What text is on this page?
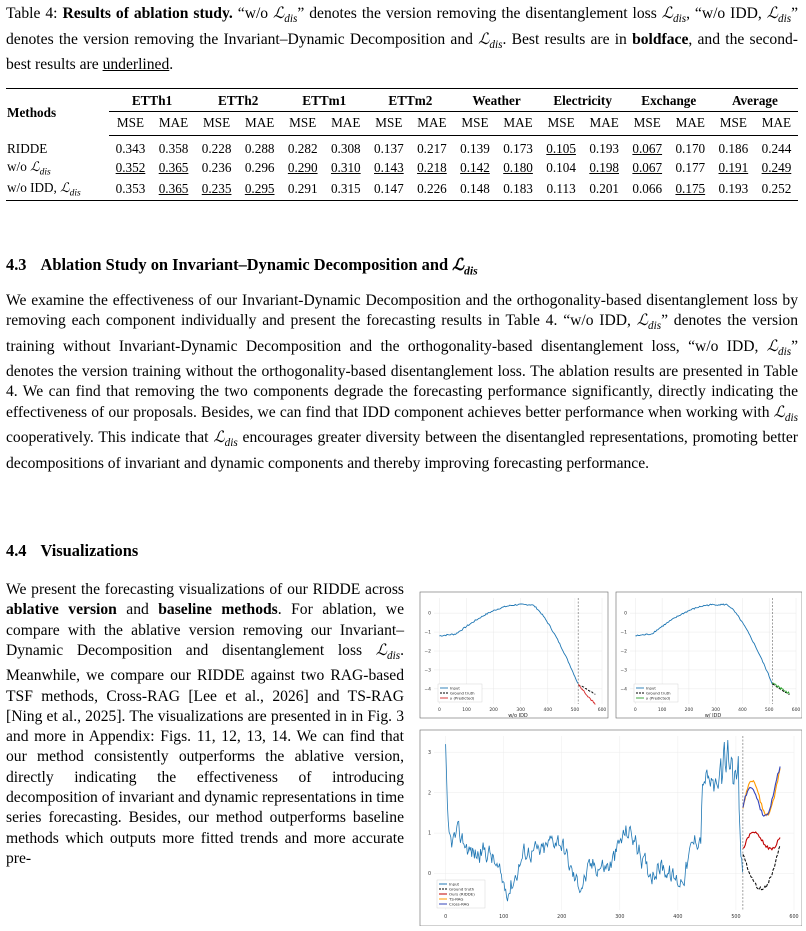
Table 4: Results of ablation study. “w/o ℒ$_{dis}$” denotes the version removing the disentanglement loss ℒ$_{dis}$, “w/o IDD, ℒ$_{dis}$” denotes the version removing the Invariant–Dynamic Decomposition and ℒ$_{dis}$. Best results are in boldface, and the second-best results are underlined.

Methods	ETTh1		ETTh2		ETTm1		ETTm2		Weather		Electricity		Exchange		Average	
	MSE	MAE	MSE	MAE	MSE	MAE	MSE	MAE	MSE	MAE	MSE	MAE	MSE	MAE	MSE	MAE
RIDDE	0.343	0.358	0.228	0.288	0.282	0.308	0.137	0.217	0.139	0.173	0.105	0.193	0.067	0.170	0.186	0.244
w/o ℒ$_{dis}$	0.352	0.365	0.236	0.296	0.290	0.310	0.143	0.218	0.142	0.180	0.104	0.198	0.067	0.177	0.191	0.249
w/o IDD, ℒ$_{dis}$	0.353	0.365	0.235	0.295	0.291	0.315	0.147	0.226	0.148	0.183	0.113	0.201	0.066	0.175	0.193	0.252
4.3 Ablation Study on Invariant–Dynamic Decomposition and ℒ$_{dis}$

We examine the effectiveness of our Invariant-Dynamic Decomposition and the orthogonality-based disentanglement loss by removing each component individually and present the forecasting results in Table 4. “w/o IDD, ℒ$_{dis}$” denotes the version training without Invariant-Dynamic Decomposition and the orthogonality-based disentanglement loss, “w/o IDD, ℒ$_{dis}$” denotes the version training without the orthogonality-based disentanglement loss. The ablation results are presented in Table 4. We can find that removing the two components degrade the forecasting performance significantly, directly indicating the effectiveness of our proposals. Besides, we can find that IDD component achieves better performance when working with ℒ$_{dis}$ cooperatively. This indicate that ℒ$_{dis}$ encourages greater diversity between the disentangled representations, promoting better decompositions of invariant and dynamic components and thereby improving forecasting performance.

4.4 Visualizations

We present the forecasting visualizations of our RIDDE across ablative version and baseline methods. For ablation, we compare with the ablative version removing our Invariant–Dynamic Decomposition and disentanglement loss ℒ$_{dis}$. Meanwhile, we compare our RIDDE against two RAG-based TSF methods, Cross-RAG [Lee et al., 2026] and TS-RAG [Ning et al., 2025]. The visualizations are presented in in Fig. 3 and more in Appendix: Figs. 11, 12, 13, 14. We can find that our method consistently outperforms the ablative version, directly indicating the effectiveness of introducing decomposition of invariant and dynamic representations in time series forecasting. Besides, our method outperforms baseline methods which outputs more fitted trends and more accurate pre-

0	100	200	300	400	500	600
0
−1
−2
−3
−4
w/o IDD
Input
Ground truth
y (Predicted)
0	100	200	300	400	500	600
0
−1
−2
−3
−4
w/ IDD
Input
Ground truth
y (Predicted)
0	100	200	300	400	500	600
3
2
1
0
Input
Ground truth
Ours (RIDDE)
TS-RAG
Cross-RAG
